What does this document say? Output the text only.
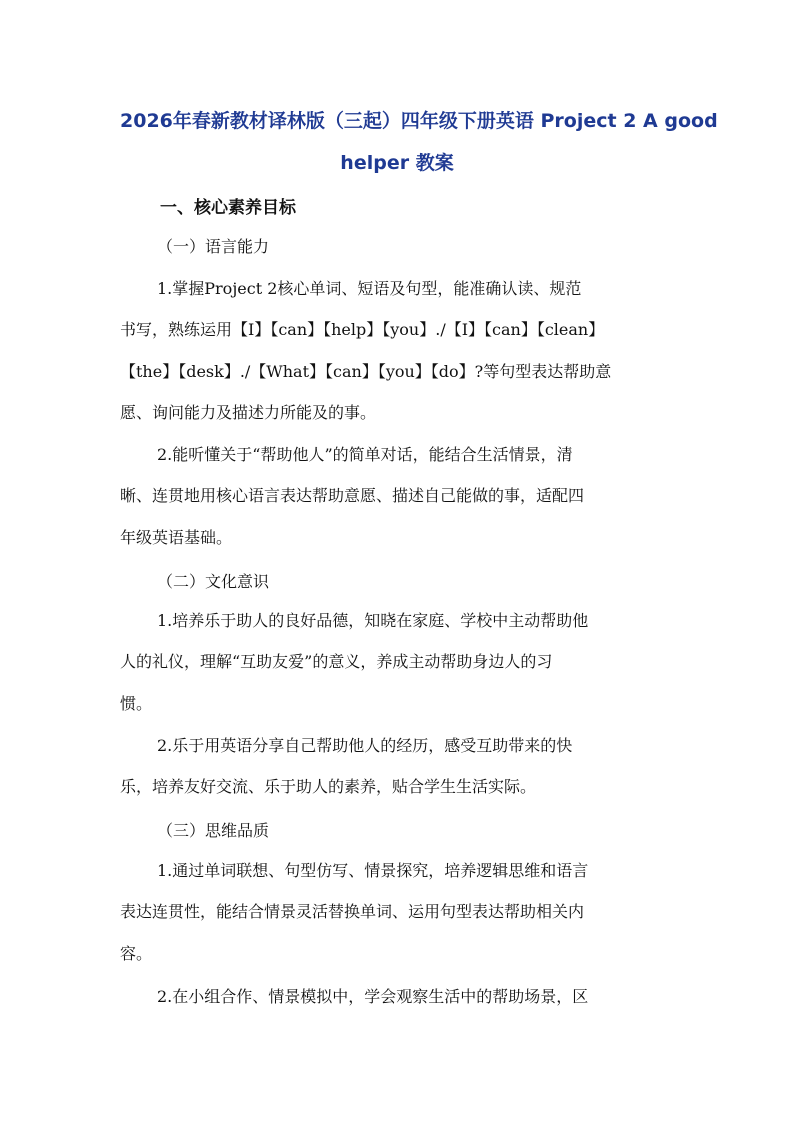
2026年春新教材译林版（三起）四年级下册英语 Project 2 A good
helper 教案
一、核心素养目标
（一）语言能力
1.掌握Project 2核心单词、短语及句型，能准确认读、规范
书写，熟练运用【I】【can】【help】【you】./【I】【can】【clean】
【the】【desk】./【What】【can】【you】【do】?等句型表达帮助意
愿、询问能力及描述力所能及的事。
2.能听懂关于“帮助他人”的简单对话，能结合生活情景，清
晰、连贯地用核心语言表达帮助意愿、描述自己能做的事，适配四
年级英语基础。
（二）文化意识
1.培养乐于助人的良好品德，知晓在家庭、学校中主动帮助他
人的礼仪，理解“互助友爱”的意义，养成主动帮助身边人的习
惯。
2.乐于用英语分享自己帮助他人的经历，感受互助带来的快
乐，培养友好交流、乐于助人的素养，贴合学生生活实际。
（三）思维品质
1.通过单词联想、句型仿写、情景探究，培养逻辑思维和语言
表达连贯性，能结合情景灵活替换单词、运用句型表达帮助相关内
容。
2.在小组合作、情景模拟中，学会观察生活中的帮助场景，区
